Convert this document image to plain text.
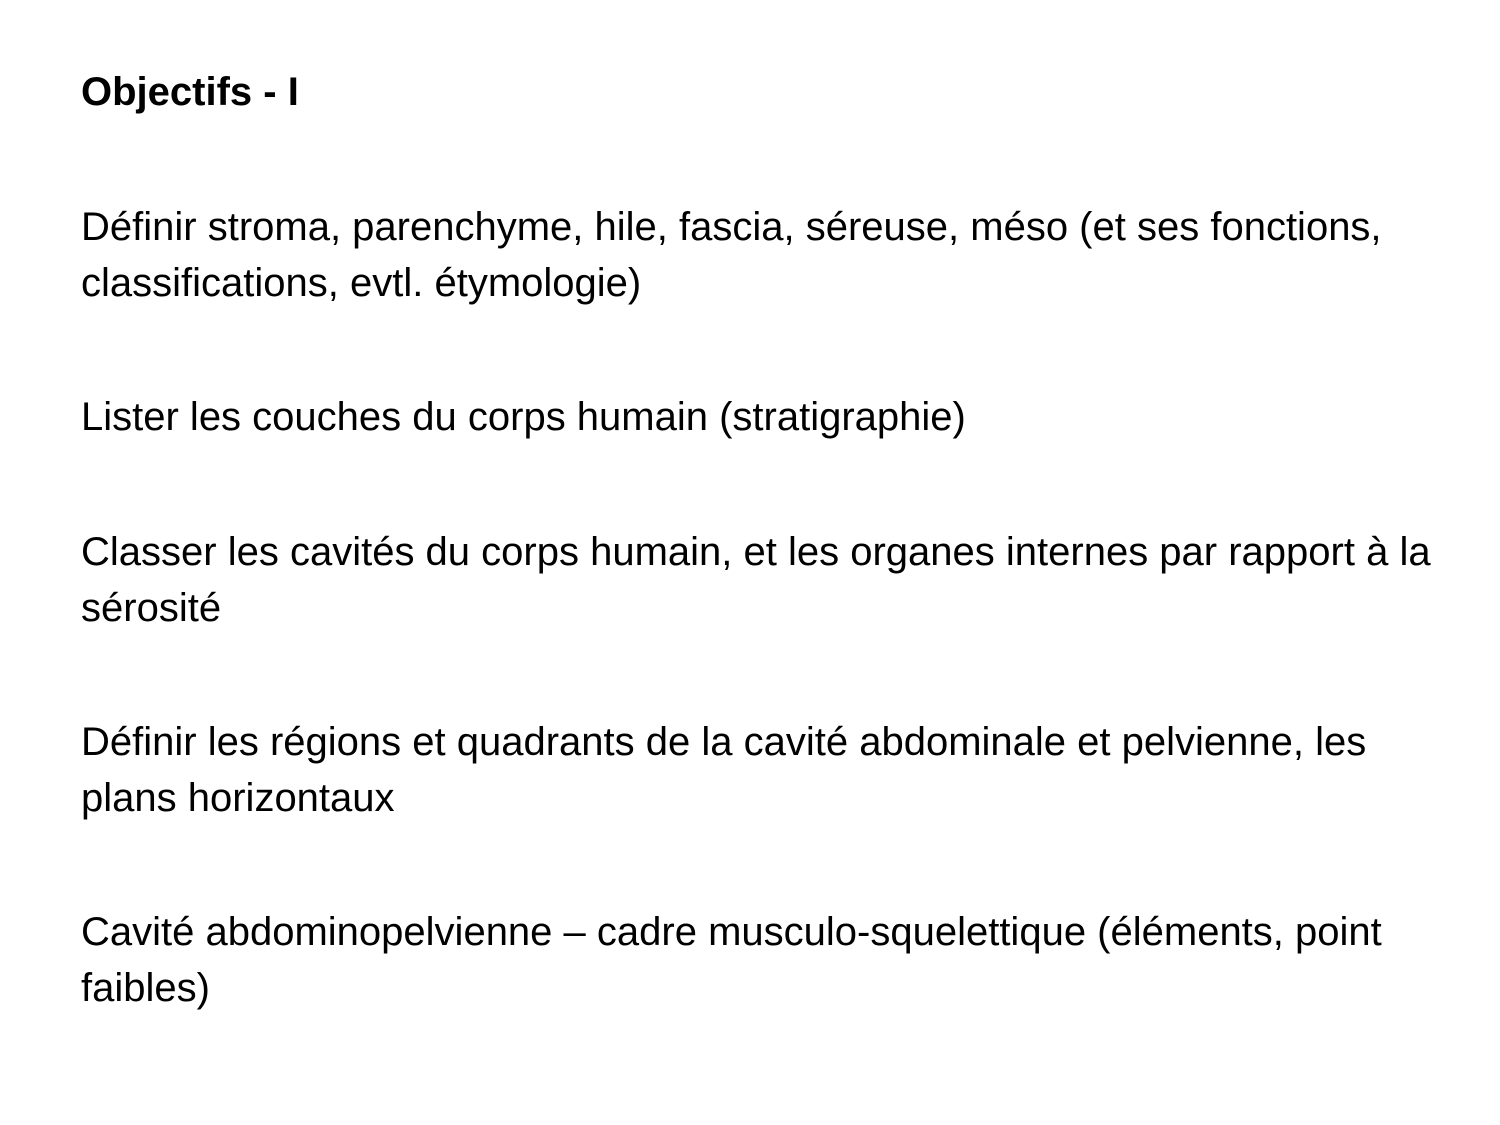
Objectifs - I

Définir stroma, parenchyme, hile, fascia, séreuse, méso (et ses fonctions, classifications, evtl. étymologie)

Lister les couches du corps humain (stratigraphie)

Classer les cavités du corps humain, et les organes internes par rapport à la sérosité

Définir les régions et quadrants de la cavité abdominale et pelvienne, les plans horizontaux

Cavité abdominopelvienne – cadre musculo-squelettique (éléments, point faibles)
